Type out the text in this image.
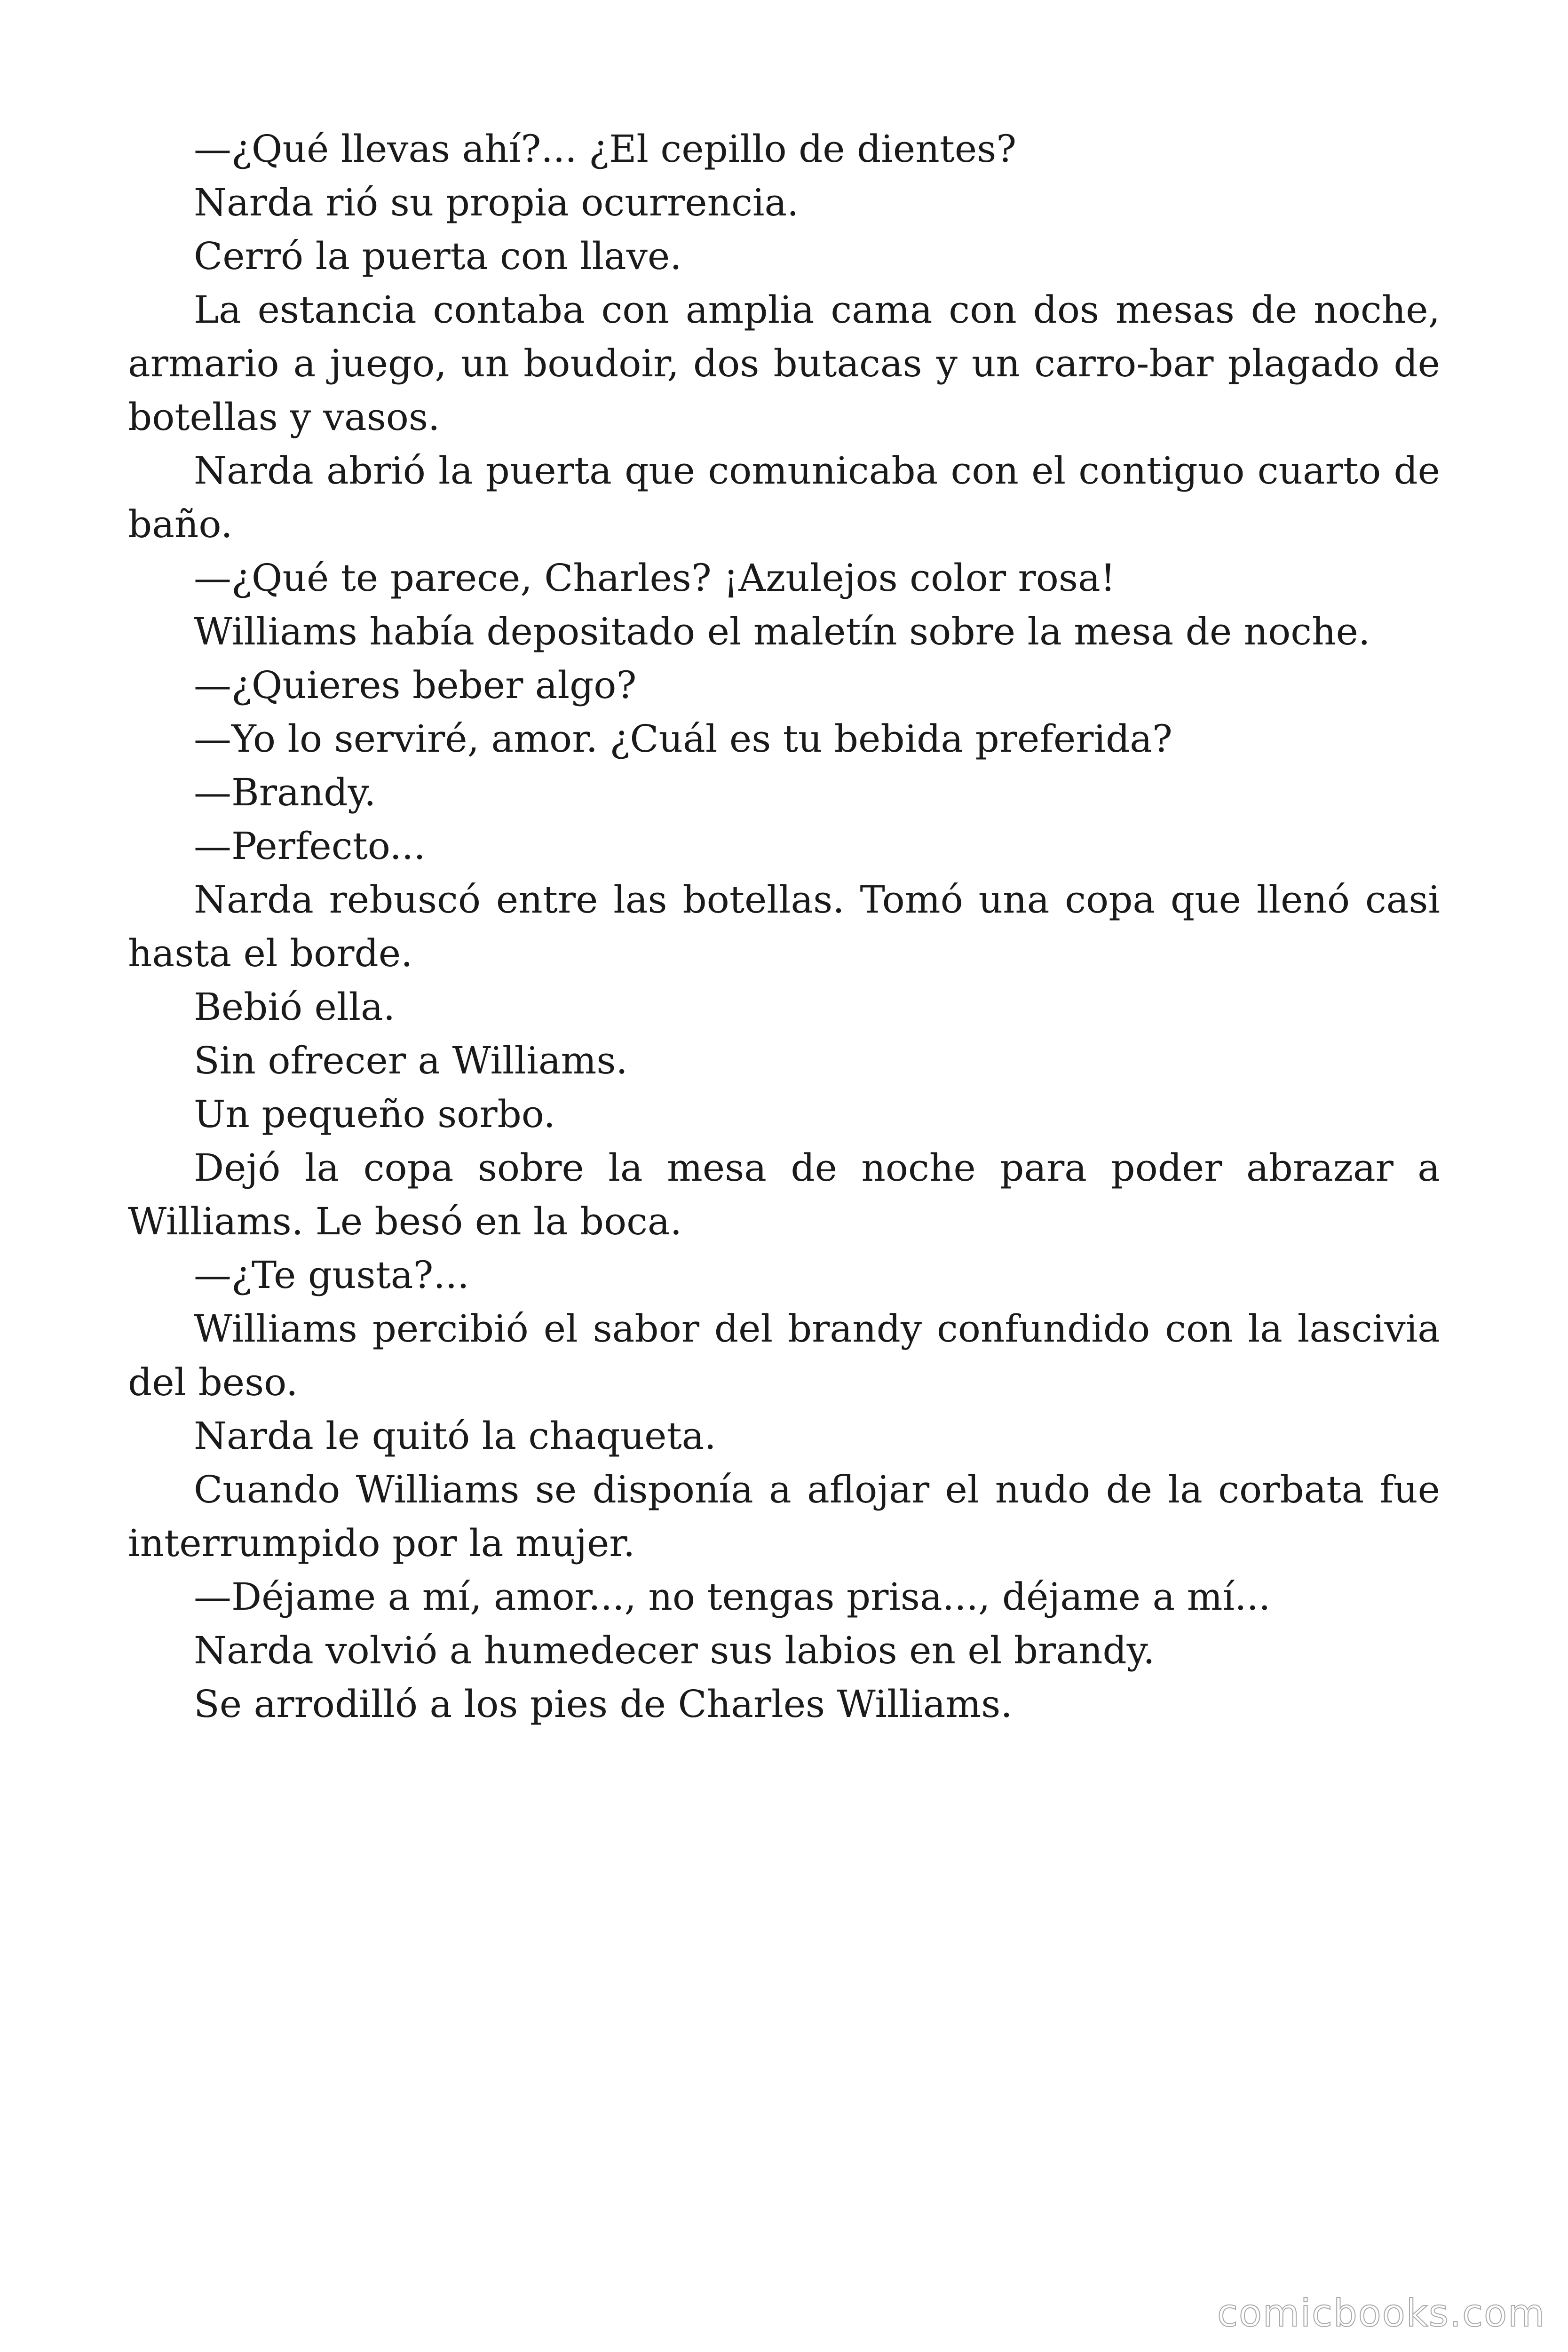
—¿Qué llevas ahí?... ¿El cepillo de dientes?

Narda rió su propia ocurrencia.

Cerró la puerta con llave.

La estancia contaba con amplia cama con dos mesas de noche, armario a juego, un boudoir, dos butacas y un carro-bar plagado de botellas y vasos.

Narda abrió la puerta que comunicaba con el contiguo cuarto de baño.

—¿Qué te parece, Charles? ¡Azulejos color rosa!

Williams había depositado el maletín sobre la mesa de noche.

—¿Quieres beber algo?

—Yo lo serviré, amor. ¿Cuál es tu bebida preferida?

—Brandy.

—Perfecto...

Narda rebuscó entre las botellas. Tomó una copa que llenó casi hasta el borde.

Bebió ella.

Sin ofrecer a Williams.

Un pequeño sorbo.

Dejó la copa sobre la mesa de noche para poder abrazar a Williams. Le besó en la boca.

—¿Te gusta?...

Williams percibió el sabor del brandy confundido con la lascivia del beso.

Narda le quitó la chaqueta.

Cuando Williams se disponía a aflojar el nudo de la corbata fue interrumpido por la mujer.

—Déjame a mí, amor..., no tengas prisa..., déjame a mí...

Narda volvió a humedecer sus labios en el brandy.

Se arrodilló a los pies de Charles Williams.

comicbooks.com
